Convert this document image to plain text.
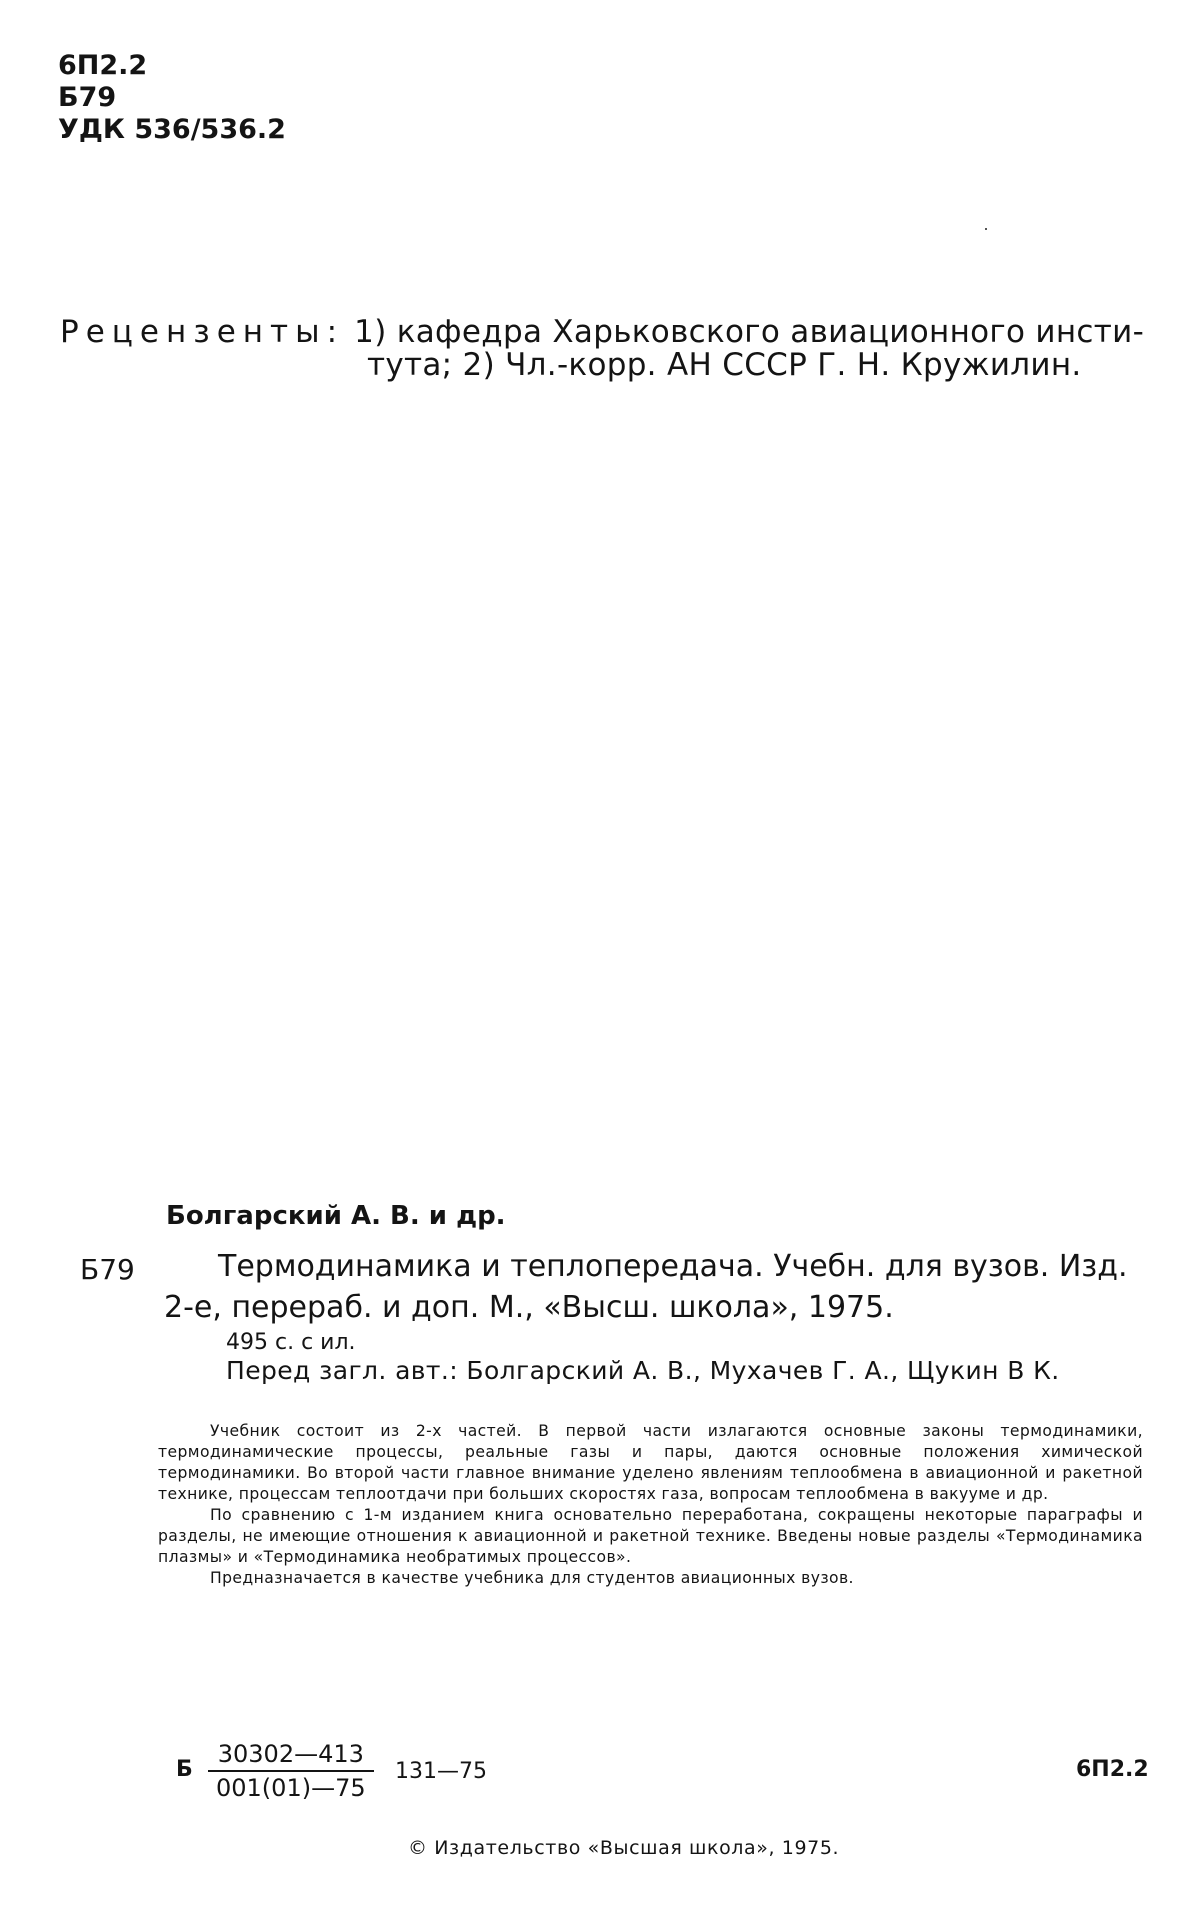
6П2.2
Б79
УДК 536/536.2
Рецензенты: 1) кафедра Харьковского авиационного инсти-
тута; 2) Чл.-корр. АН СССР Г. Н. Кружилин.
Болгарский А. В. и др.
Б79	Термодинамика и теплопередача. Учебн. для вузов. Изд.
2-е, перераб. и доп. М., «Высш. школа», 1975.
495 с. с ил.
Перед загл. авт.: Болгарский А. В., Мухачев Г. А., Щукин В К.

Учебник состоит из 2-х частей. В первой части излагаются основные законы термодинамики, термодинамические процессы, реальные газы и пары, даются основные положения химической термодинамики. Во второй части главное внимание уделено явлениям теплообмена в авиационной и ракетной технике, процессам теплоотдачи при больших скоростях газа, вопросам теплообмена в вакууме и др.

По сравнению с 1-м изданием книга основательно переработана, сокращены некоторые параграфы и разделы, не имеющие отношения к авиационной и ракетной технике. Введены новые разделы «Термодинамика плазмы» и «Термодинамика необратимых процессов».

Предназначается в качестве учебника для студентов авиационных вузов.

Б $\frac{30302—413}{001(01)—75}$ 131—75	6П2.2
© Издательство «Высшая школа», 1975.
